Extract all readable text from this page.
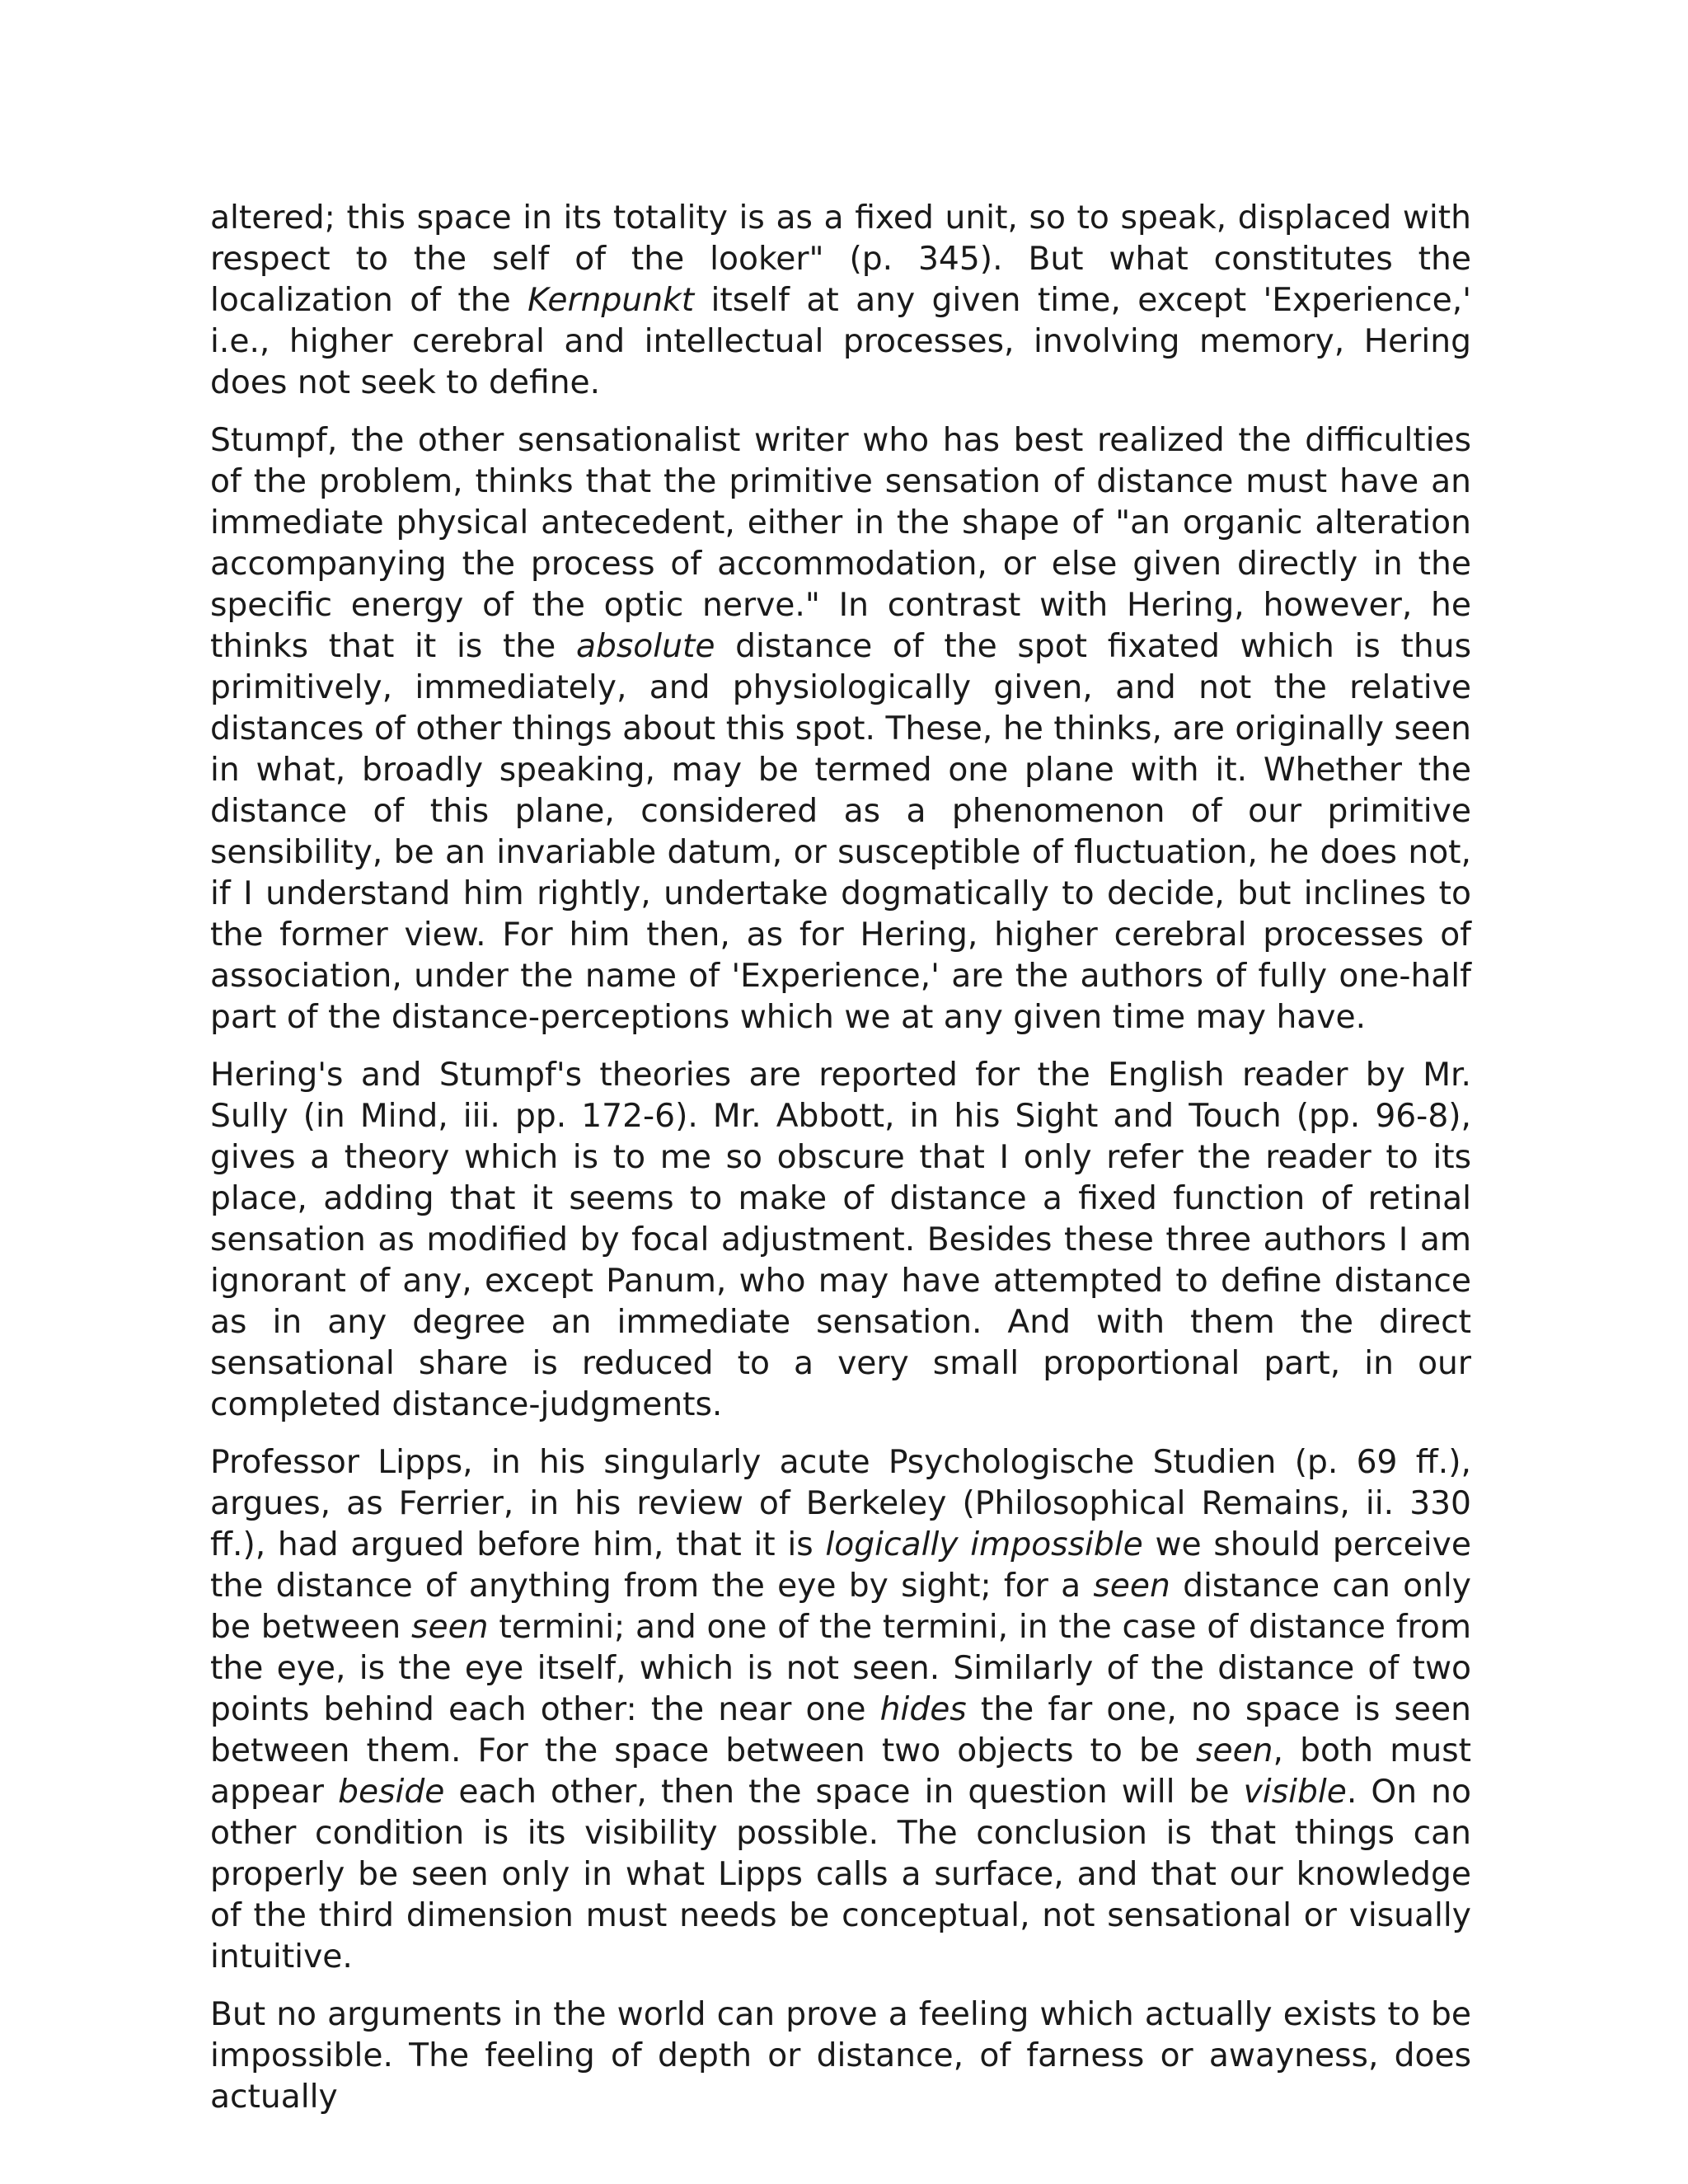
altered; this space in its totality is as a fixed unit, so to speak, displaced with respect to the self of the looker" (p. 345). But what constitutes the localization of the Kernpunkt itself at any given time, except 'Experience,' i.e., higher cerebral and intellectual processes, involving memory, Hering does not seek to define.

Stumpf, the other sensationalist writer who has best realized the difficulties of the problem, thinks that the primitive sensation of distance must have an immediate physical antecedent, either in the shape of "an organic alteration accompanying the process of accommodation, or else given directly in the specific energy of the optic nerve." In contrast with Hering, however, he thinks that it is the absolute distance of the spot fixated which is thus primitively, immediately, and physiologically given, and not the relative distances of other things about this spot. These, he thinks, are originally seen in what, broadly speaking, may be termed one plane with it. Whether the distance of this plane, considered as a phenomenon of our primitive sensibility, be an invariable datum, or susceptible of fluctuation, he does not, if I understand him rightly, undertake dogmatically to decide, but inclines to the former view. For him then, as for Hering, higher cerebral processes of association, under the name of 'Experience,' are the authors of fully one-half part of the distance-perceptions which we at any given time may have.

Hering's and Stumpf's theories are reported for the English reader by Mr. Sully (in Mind, iii. pp. 172-6). Mr. Abbott, in his Sight and Touch (pp. 96-8), gives a theory which is to me so obscure that I only refer the reader to its place, adding that it seems to make of distance a fixed function of retinal sensation as modified by focal adjustment. Besides these three authors I am ignorant of any, except Panum, who may have attempted to define distance as in any degree an immediate sensation. And with them the direct sensational share is reduced to a very small proportional part, in our completed distance-judgments.

Professor Lipps, in his singularly acute Psychologische Studien (p. 69 ff.), argues, as Ferrier, in his review of Berkeley (Philosophical Remains, ii. 330 ff.), had argued before him, that it is logically impossible we should perceive the distance of anything from the eye by sight; for a seen distance can only be between seen termini; and one of the termini, in the case of distance from the eye, is the eye itself, which is not seen. Similarly of the distance of two points behind each other: the near one hides the far one, no space is seen between them. For the space between two objects to be seen, both must appear beside each other, then the space in question will be visible. On no other condition is its visibility possible. The conclusion is that things can properly be seen only in what Lipps calls a surface, and that our knowledge of the third dimension must needs be conceptual, not sensational or visually intuitive.

But no arguments in the world can prove a feeling which actually exists to be impossible. The feeling of depth or distance, of farness or awayness, does actually
